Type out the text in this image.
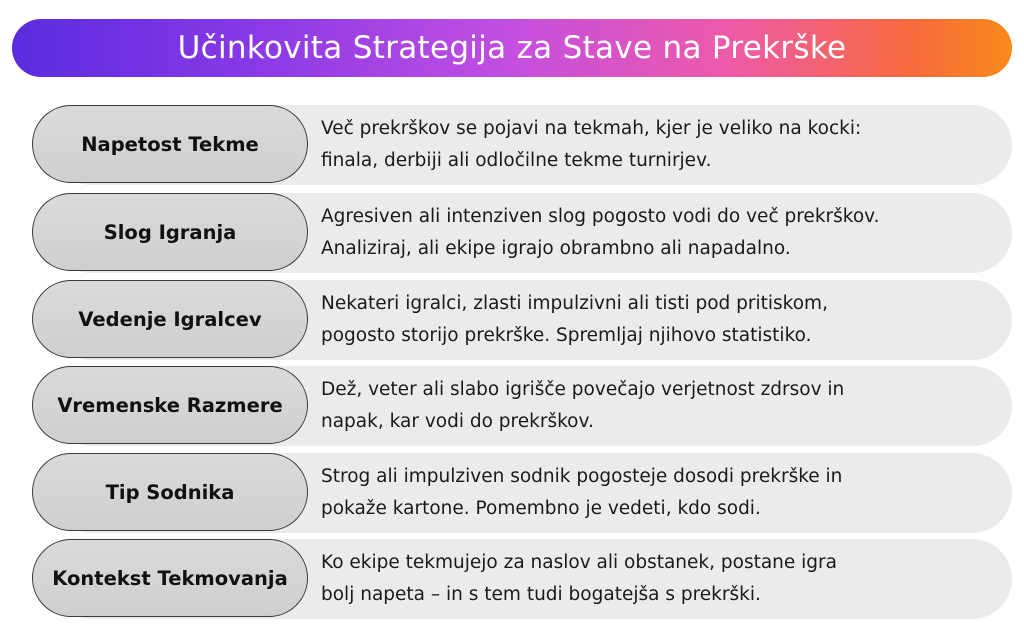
Učinkovita Strategija za Stave na Prekrške
Napetost Tekme
Več prekrškov se pojavi na tekmah, kjer je veliko na kocki:
finala, derbiji ali odločilne tekme turnirjev.
Slog Igranja
Agresiven ali intenziven slog pogosto vodi do več prekrškov.
Analiziraj, ali ekipe igrajo obrambno ali napadalno.
Vedenje Igralcev
Nekateri igralci, zlasti impulzivni ali tisti pod pritiskom,
pogosto storijo prekrške. Spremljaj njihovo statistiko.
Vremenske Razmere
Dež, veter ali slabo igrišče povečajo verjetnost zdrsov in
napak, kar vodi do prekrškov.
Tip Sodnika
Strog ali impulziven sodnik pogosteje dosodi prekrške in
pokaže kartone. Pomembno je vedeti, kdo sodi.
Kontekst Tekmovanja
Ko ekipe tekmujejo za naslov ali obstanek, postane igra
bolj napeta – in s tem tudi bogatejša s prekrški.
